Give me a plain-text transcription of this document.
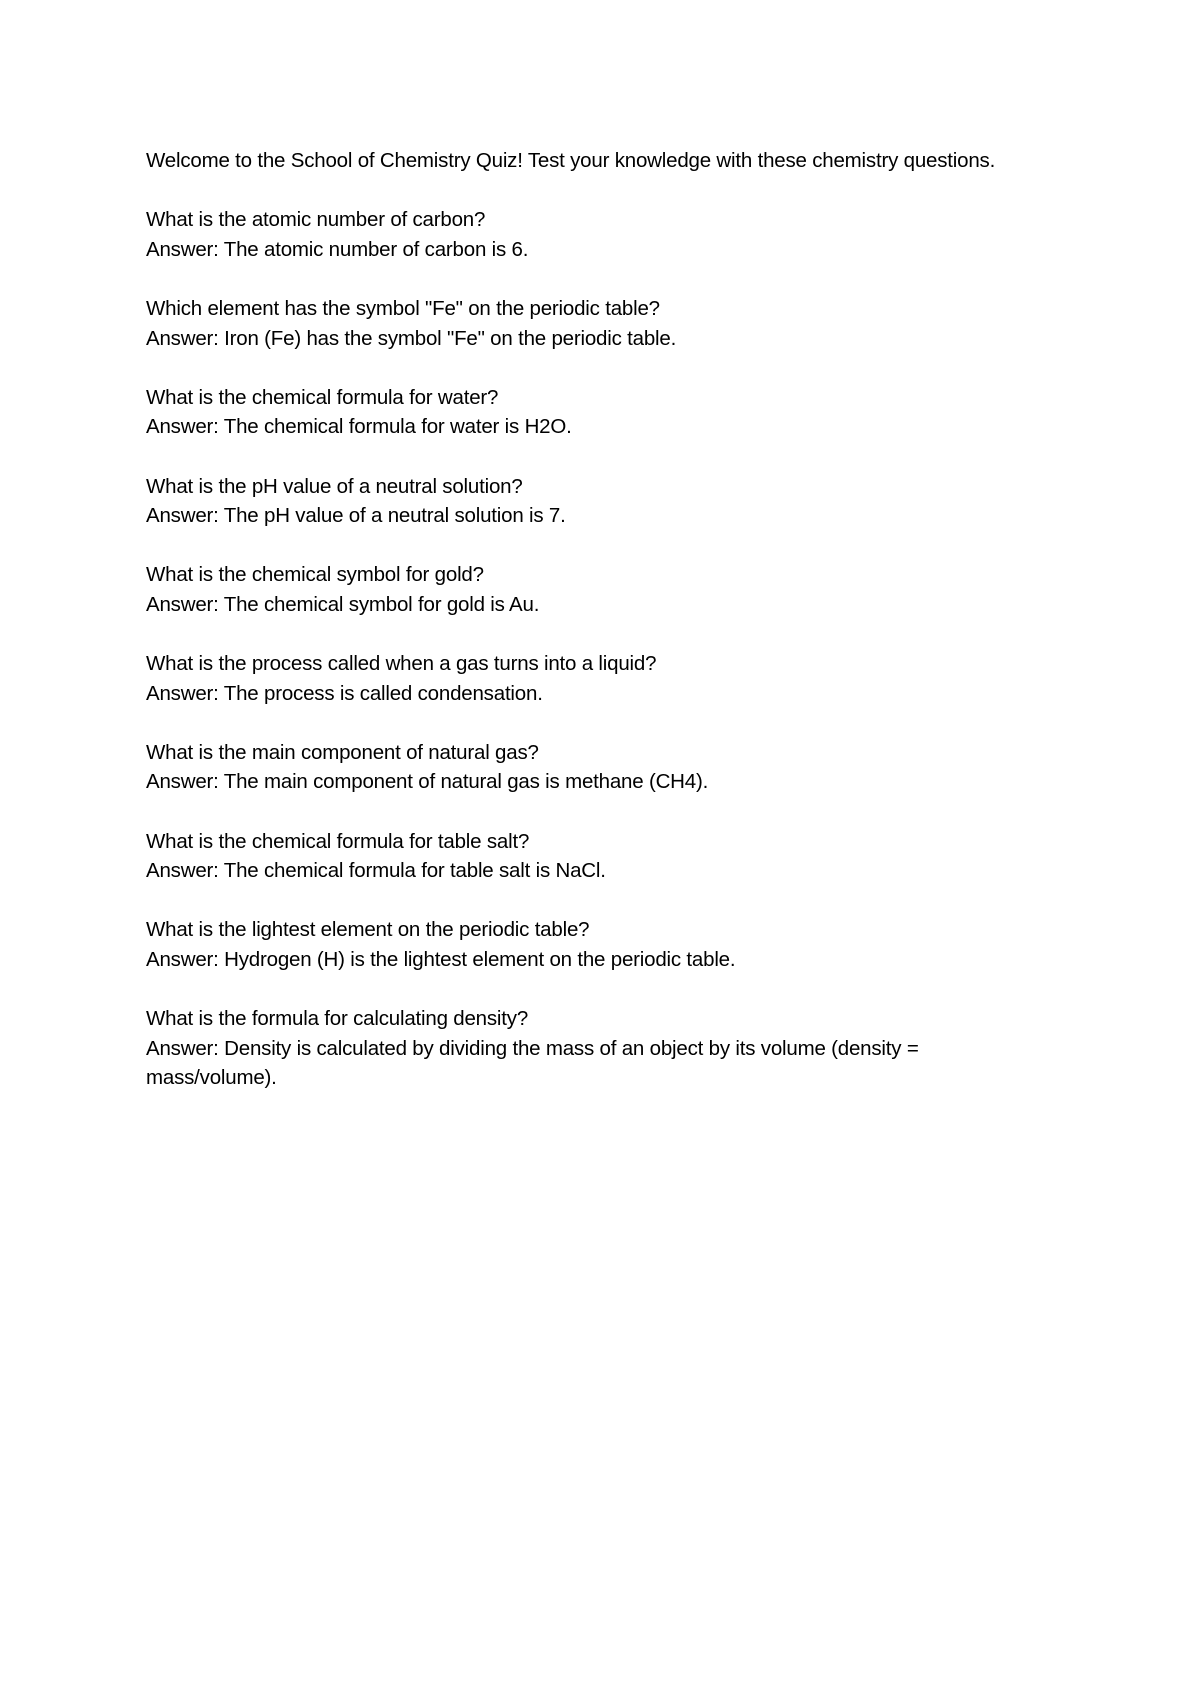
Welcome to the School of Chemistry Quiz! Test your knowledge with these chemistry questions.

What is the atomic number of carbon?

Answer: The atomic number of carbon is 6.

Which element has the symbol "Fe" on the periodic table?

Answer: Iron (Fe) has the symbol "Fe" on the periodic table.

What is the chemical formula for water?

Answer: The chemical formula for water is H2O.

What is the pH value of a neutral solution?

Answer: The pH value of a neutral solution is 7.

What is the chemical symbol for gold?

Answer: The chemical symbol for gold is Au.

What is the process called when a gas turns into a liquid?

Answer: The process is called condensation.

What is the main component of natural gas?

Answer: The main component of natural gas is methane (CH4).

What is the chemical formula for table salt?

Answer: The chemical formula for table salt is NaCl.

What is the lightest element on the periodic table?

Answer: Hydrogen (H) is the lightest element on the periodic table.

What is the formula for calculating density?

Answer: Density is calculated by dividing the mass of an object by its volume (density = mass/volume).
